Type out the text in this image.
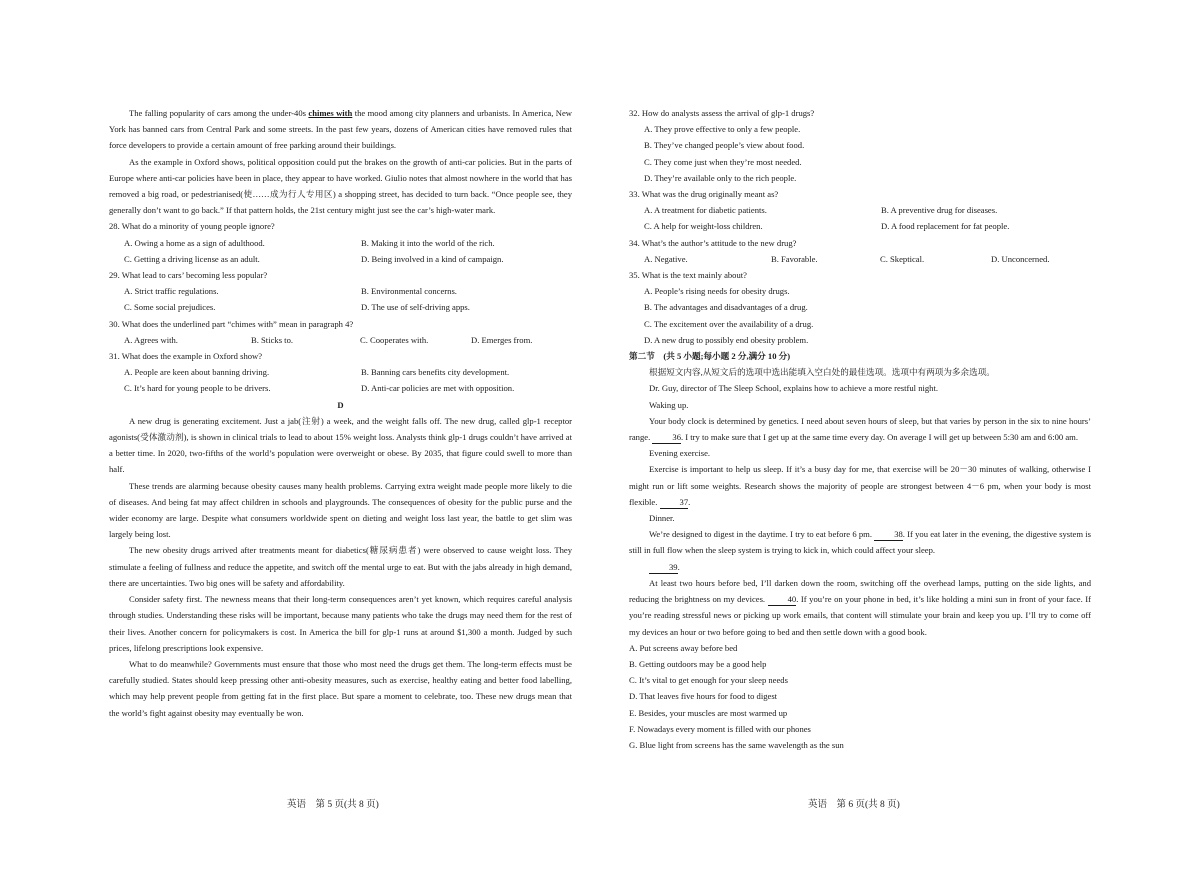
The falling popularity of cars among the under-40s chimes with the mood among city planners and urbanists. In America, New York has banned cars from Central Park and some streets. In the past few years, dozens of American cities have removed rules that force developers to provide a certain amount of free parking around their buildings.

As the example in Oxford shows, political opposition could put the brakes on the growth of anti-car policies. But in the parts of Europe where anti-car policies have been in place, they appear to have worked. Giulio notes that almost nowhere in the world that has removed a big road, or pedestrianised(使……成为行人专用区) a shopping street, has decided to turn back. “Once people see, they generally don’t want to go back.” If that pattern holds, the 21st century might just see the car’s high-water mark.

28. What do a minority of young people ignore?
A. Owing a home as a sign of adulthood.	B. Making it into the world of the rich.
C. Getting a driving license as an adult.	D. Being involved in a kind of campaign.
29. What lead to cars’ becoming less popular?
A. Strict traffic regulations.	B. Environmental concerns.
C. Some social prejudices.	D. The use of self-driving apps.
30. What does the underlined part “chimes with” mean in paragraph 4?
A. Agrees with.	B. Sticks to.	C. Cooperates with.	D. Emerges from.
31. What does the example in Oxford show?
A. People are keen about banning driving.	B. Banning cars benefits city development.
C. It’s hard for young people to be drivers.	D. Anti-car policies are met with opposition.

D

A new drug is generating excitement. Just a jab(注射) a week, and the weight falls off. The new drug, called glp-1 receptor agonists(受体激动剂), is shown in clinical trials to lead to about 15% weight loss. Analysts think glp-1 drugs couldn’t have arrived at a better time. In 2020, two-fifths of the world’s population were overweight or obese. By 2035, that figure could swell to more than half.

These trends are alarming because obesity causes many health problems. Carrying extra weight made people more likely to die of diseases. And being fat may affect children in schools and playgrounds. The consequences of obesity for the public purse and the wider economy are large. Despite what consumers worldwide spent on dieting and weight loss last year, the battle to get slim was largely being lost.

The new obesity drugs arrived after treatments meant for diabetics(糖尿病患者) were observed to cause weight loss. They stimulate a feeling of fullness and reduce the appetite, and switch off the mental urge to eat. But with the jabs already in high demand, there are uncertainties. Two big ones will be safety and affordability.

Consider safety first. The newness means that their long-term consequences aren’t yet known, which requires careful analysis through studies. Understanding these risks will be important, because many patients who take the drugs may need them for the rest of their lives. Another concern for policymakers is cost. In America the bill for glp-1 runs at around $1,300 a month. Judged by such prices, lifelong prescriptions look expensive.

What to do meanwhile? Governments must ensure that those who most need the drugs get them. The long-term effects must be carefully studied. States should keep pressing other anti-obesity measures, such as exercise, healthy eating and better food labelling, which may help prevent people from getting fat in the first place. But spare a moment to celebrate, too. These new drugs mean that the world’s fight against obesity may eventually be won.

32. How do analysts assess the arrival of glp-1 drugs?
A. They prove effective to only a few people.
B. They’ve changed people’s view about food.
C. They come just when they’re most needed.
D. They’re available only to the rich people.
33. What was the drug originally meant as?
A. A treatment for diabetic patients.	B. A preventive drug for diseases.
C. A help for weight-loss children.	D. A food replacement for fat people.
34. What’s the author’s attitude to the new drug?
A. Negative.	B. Favorable.	C. Skeptical.	D. Unconcerned.
35. What is the text mainly about?
A. People’s rising needs for obesity drugs.
B. The advantages and disadvantages of a drug.
C. The excitement over the availability of a drug.
D. A new drug to possibly end obesity problem.

第二节　(共 5 小题;每小题 2 分,满分 10 分)

根据短文内容,从短文后的选项中选出能填入空白处的最佳选项。选项中有两项为多余选项。

Dr. Guy, director of The Sleep School, explains how to achieve a more restful night.

Waking up.

Your body clock is determined by genetics. I need about seven hours of sleep, but that varies by person in the six to nine hours’ range. 36. I try to make sure that I get up at the same time every day. On average I will get up between 5:30 am and 6:00 am.

Evening exercise.

Exercise is important to help us sleep. If it’s a busy day for me, that exercise will be 20－30 minutes of walking, otherwise I might run or lift some weights. Research shows the majority of people are strongest between 4－6 pm, when your body is most flexible. 37.

Dinner.

We’re designed to digest in the daytime. I try to eat before 6 pm. 38. If you eat later in the evening, the digestive system is still in full flow when the sleep system is trying to kick in, which could affect your sleep.

39.

At least two hours before bed, I’ll darken down the room, switching off the overhead lamps, putting on the side lights, and reducing the brightness on my devices. 40. If you’re on your phone in bed, it’s like holding a mini sun in front of your face. If you’re reading stressful news or picking up work emails, that content will stimulate your brain and keep you up. I’ll try to come off my devices an hour or two before going to bed and then settle down with a good book.

A. Put screens away before bed
B. Getting outdoors may be a good help
C. It’s vital to get enough for your sleep needs
D. That leaves five hours for food to digest
E. Besides, your muscles are most warmed up
F. Nowadays every moment is filled with our phones
G. Blue light from screens has the same wavelength as the sun
英语　第 5 页(共 8 页)	英语　第 6 页(共 8 页)
